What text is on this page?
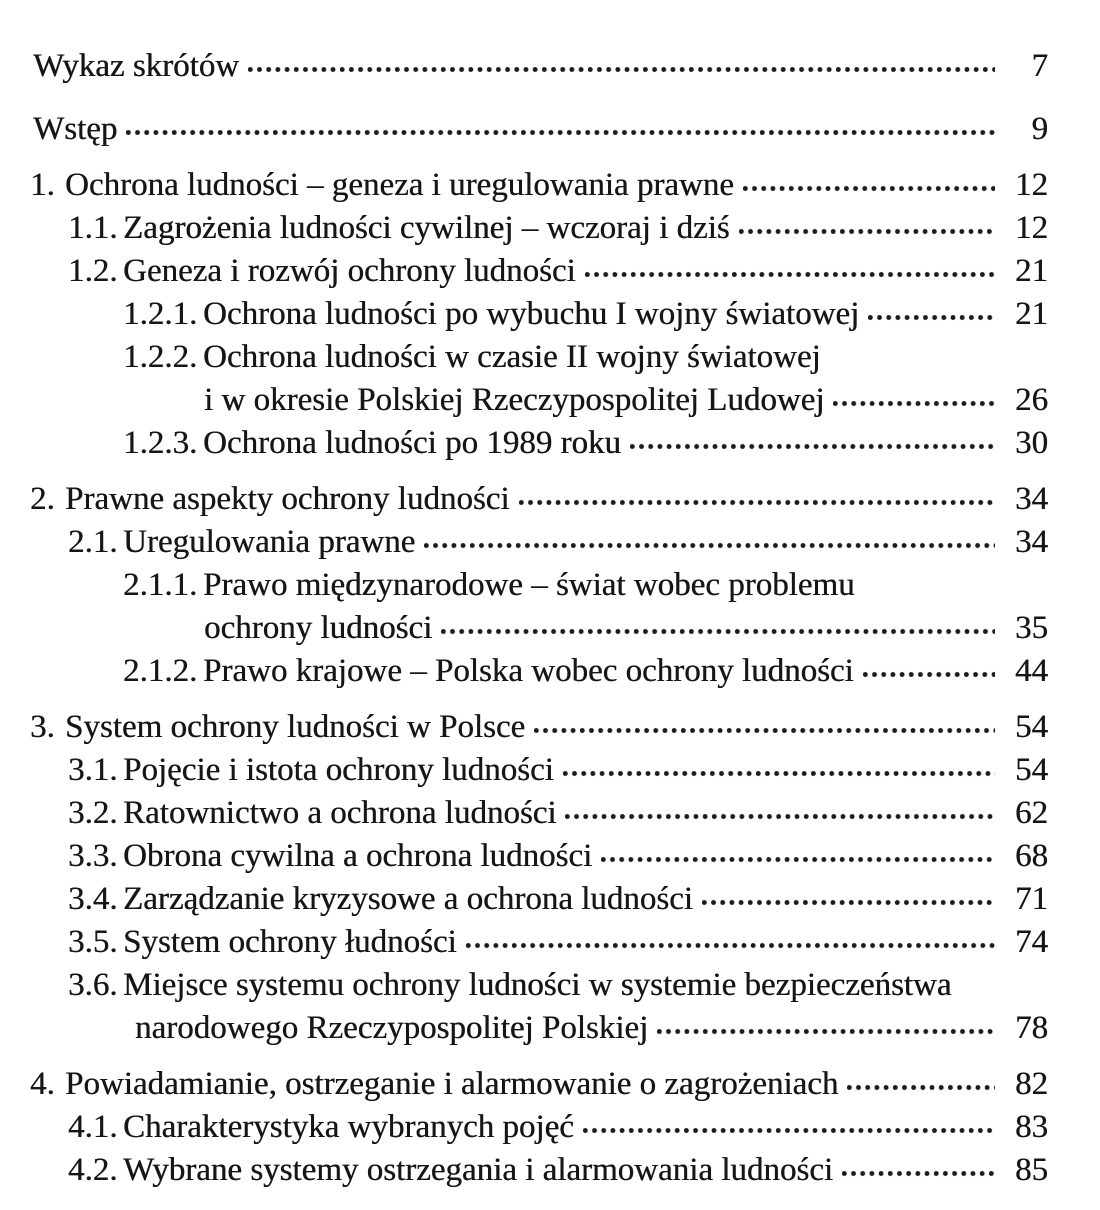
Wykaz skrótów	7
Wstęp	9
1. Ochrona ludności – geneza i uregulowania prawne	12
1.1. Zagrożenia ludności cywilnej – wczoraj i dziś	12
1.2. Geneza i rozwój ochrony ludności	21
1.2.1. Ochrona ludności po wybuchu I wojny światowej	21
1.2.2. Ochrona ludności w czasie II wojny światowej
i w okresie Polskiej Rzeczypospolitej Ludowej	26
1.2.3. Ochrona ludności po 1989 roku	30
2. Prawne aspekty ochrony ludności	34
2.1. Uregulowania prawne	34
2.1.1. Prawo międzynarodowe – świat wobec problemu
ochrony ludności	35
2.1.2. Prawo krajowe – Polska wobec ochrony ludności	44
3. System ochrony ludności w Polsce	54
3.1. Pojęcie i istota ochrony ludności	54
3.2. Ratownictwo a ochrona ludności	62
3.3. Obrona cywilna a ochrona ludności	68
3.4. Zarządzanie kryzysowe a ochrona ludności	71
3.5. System ochrony łudności	74
3.6. Miejsce systemu ochrony ludności w systemie bezpieczeństwa
narodowego Rzeczypospolitej Polskiej	78
4. Powiadamianie, ostrzeganie i alarmowanie o zagrożeniach	82
4.1. Charakterystyka wybranych pojęć	83
4.2. Wybrane systemy ostrzegania i alarmowania ludności	85
